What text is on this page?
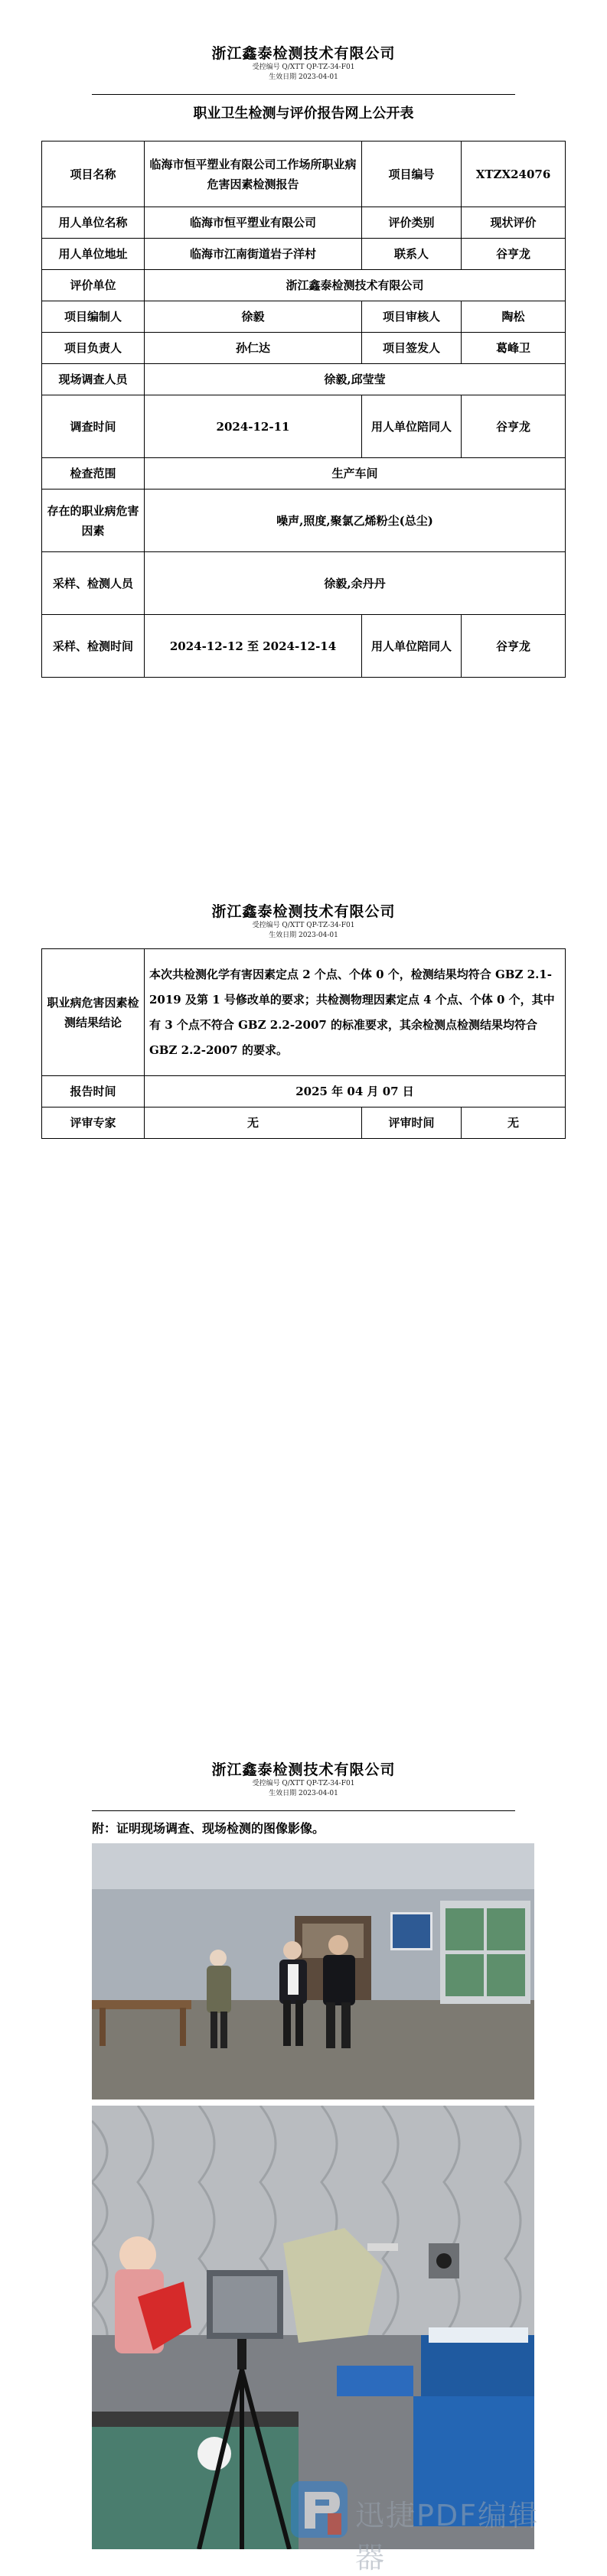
浙江鑫泰检测技术有限公司
受控编号 Q/XTT QP-TZ-34-F01
生效日期 2023-04-01
职业卫生检测与评价报告网上公开表
项目名称	临海市恒平塑业有限公司工作场所职业病危害因素检测报告	项目编号	XTZX24076
用人单位名称	临海市恒平塑业有限公司	评价类别	现状评价
用人单位地址	临海市江南街道岩子洋村	联系人	谷亨龙
评价单位	浙江鑫泰检测技术有限公司		
项目编制人	徐毅	项目审核人	陶松
项目负责人	孙仁达	项目签发人	葛峰卫
现场调查人员	徐毅,邱莹莹		
调查时间	2024-12-11	用人单位陪同人	谷亨龙
检查范围	生产车间		
存在的职业病危害因素	噪声,照度,聚氯乙烯粉尘(总尘)		
采样、检测人员	徐毅,余丹丹		
采样、检测时间	2024-12-12 至 2024-12-14	用人单位陪同人	谷亨龙
浙江鑫泰检测技术有限公司
受控编号 Q/XTT QP-TZ-34-F01
生效日期 2023-04-01
职业病危害因素检测结果结论	本次共检测化学有害因素定点 2 个点、个体 0 个，检测结果均符合 GBZ 2.1-2019 及第 1 号修改单的要求；共检测物理因素定点 4 个点、个体 0 个，其中有 3 个点不符合 GBZ 2.2-2007 的标准要求，其余检测点检测结果均符合 GBZ 2.2-2007 的要求。		
报告时间	2025 年 04 月 07 日		
评审专家	无	评审时间	无
浙江鑫泰检测技术有限公司
受控编号 Q/XTT QP-TZ-34-F01
生效日期 2023-04-01
附：证明现场调查、现场检测的图像影像。
迅捷PDF编辑器
